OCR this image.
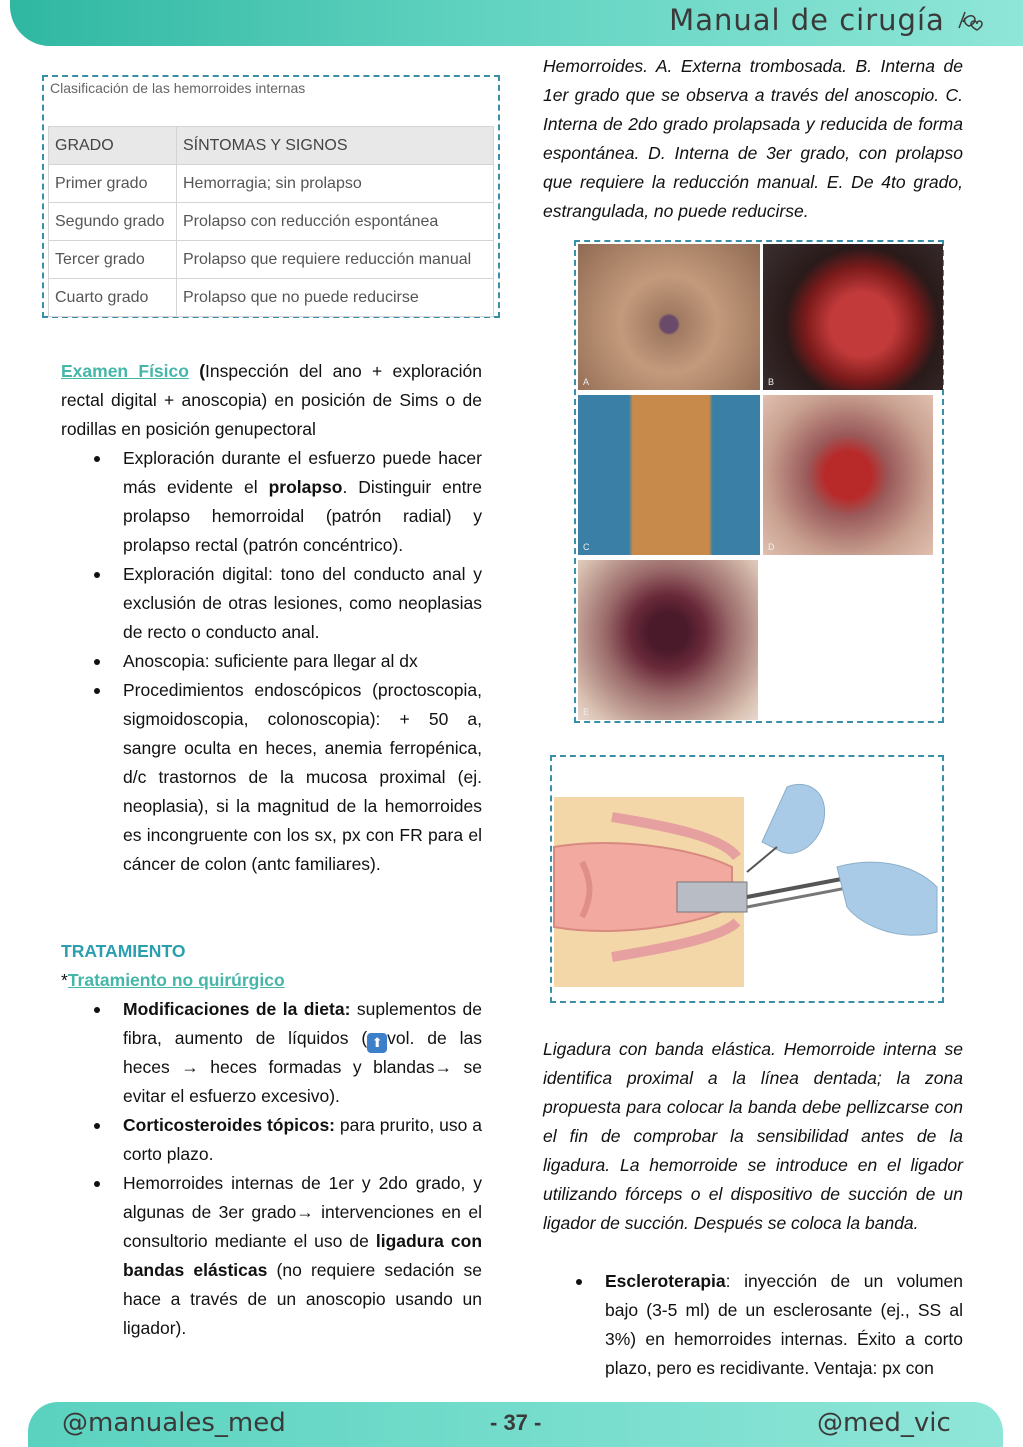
Manual de cirugía
Clasificación de las hemorroides internas
GRADO	SÍNTOMAS Y SIGNOS
Primer grado	Hemorragia; sin prolapso
Segundo grado	Prolapso con reducción espontánea
Tercer grado	Prolapso que requiere reducción manual
Cuarto grado	Prolapso que no puede reducirse
Hemorroides. A. Externa trombosada. B. Interna de 1er grado que se observa a través del anoscopio. C. Interna de 2do grado prolapsada y reducida de forma espontánea. D. Interna de 3er grado, con prolapso que requiere la reducción manual. E. De 4to grado, estrangulada, no puede reducirse.
A	B
C	D
E
Ligadura con banda elástica. Hemorroide interna se identifica proximal a la línea dentada; la zona propuesta para colocar la banda debe pellizcarse con el fin de comprobar la sensibilidad antes de la ligadura. La hemorroide se introduce en el ligador utilizando fórceps o el dispositivo de succión de un ligador de succión. Después se coloca la banda.
Examen Físico (Inspección del ano + exploración rectal digital + anoscopia) en posición de Sims o de rodillas en posición genupectoral
Exploración durante el esfuerzo puede hacer más evidente el prolapso. Distinguir entre prolapso hemorroidal (patrón radial) y prolapso rectal (patrón concéntrico).
Exploración digital: tono del conducto anal y exclusión de otras lesiones, como neoplasias de recto o conducto anal.
Anoscopia: suficiente para llegar al dx
Procedimientos endoscópicos (proctoscopia, sigmoidoscopia, colonoscopia): + 50 a, sangre oculta en heces, anemia ferropénica, d/c trastornos de la mucosa proximal (ej. neoplasia), si la magnitud de la hemorroides es incongruente con los sx, px con FR para el cáncer de colon (antc familiares).
TRATAMIENTO
*Tratamiento no quirúrgico
Modificaciones de la dieta: suplementos de fibra, aumento de líquidos ( ⬆ vol. de las heces → heces formadas y blandas→ se evitar el esfuerzo excesivo).
Corticosteroides tópicos: para prurito, uso a corto plazo.
Hemorroides internas de 1er y 2do grado, y algunas de 3er grado→ intervenciones en el consultorio mediante el uso de ligadura con bandas elásticas (no requiere sedación se hace a través de un anoscopio usando un ligador).
Escleroterapia: inyección de un volumen bajo (3-5 ml) de un esclerosante (ej., SS al 3%) en hemorroides internas. Éxito a corto plazo, pero es recidivante. Ventaja: px con
@manuales_med	- 37 -	@med_vic
